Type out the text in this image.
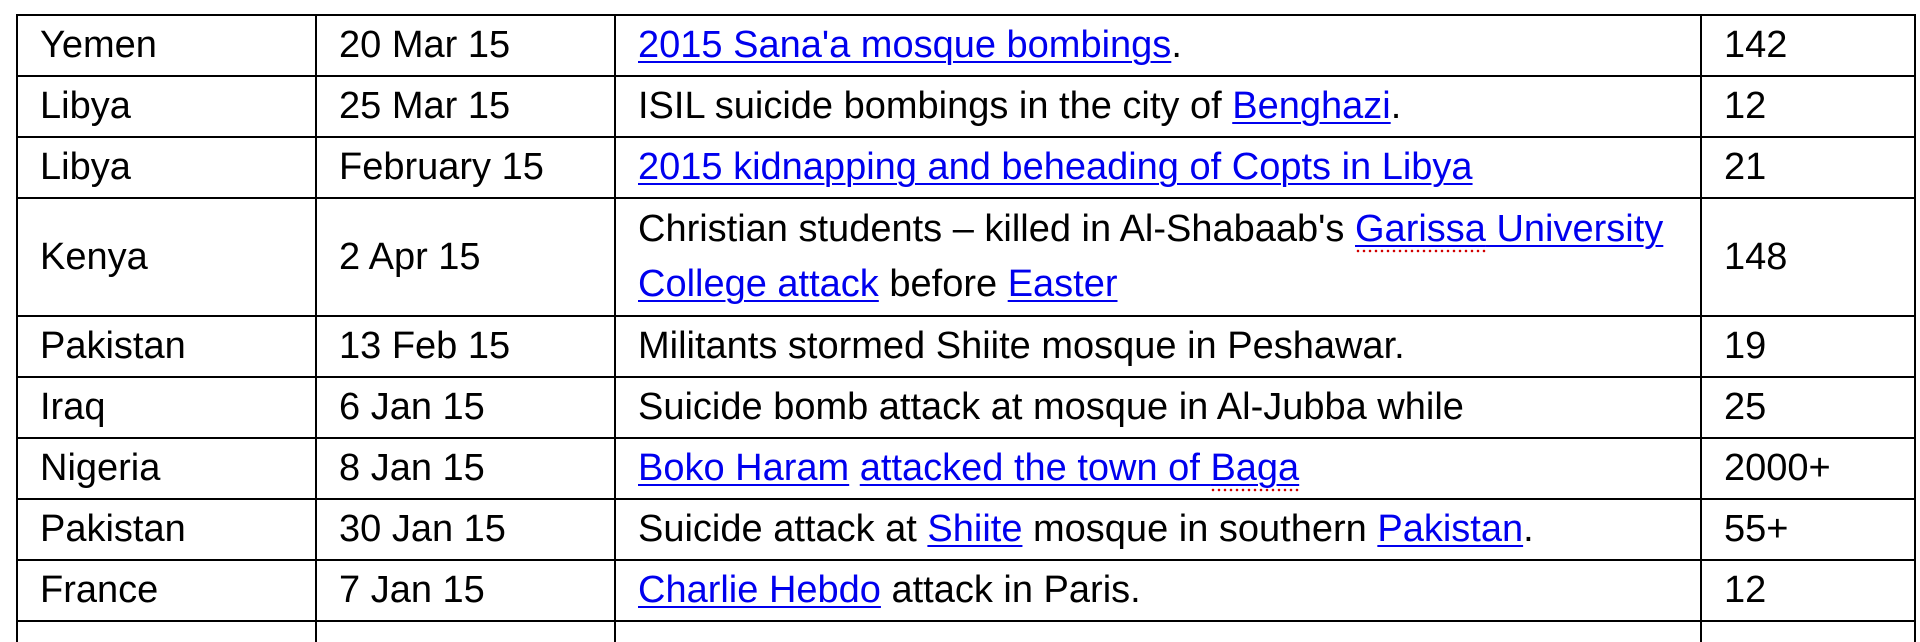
Yemen	20 Mar 15	2015 Sana'a mosque bombings.	142
Libya	25 Mar 15	ISIL suicide bombings in the city of Benghazi.	12
Libya	February 15	2015 kidnapping and beheading of Copts in Libya	21
Kenya	2 Apr 15	Christian students – killed in Al-Shabaab's Garissa University College attack before Easter	148
Pakistan	13 Feb 15	Militants stormed Shiite mosque in Peshawar.	19
Iraq	6 Jan 15	Suicide bomb attack at mosque in Al-Jubba while	25
Nigeria	8 Jan 15	Boko Haram attacked the town of Baga	2000+
Pakistan	30 Jan 15	Suicide attack at Shiite mosque in southern Pakistan.	55+
France	7 Jan 15	Charlie Hebdo attack in Paris.	12
